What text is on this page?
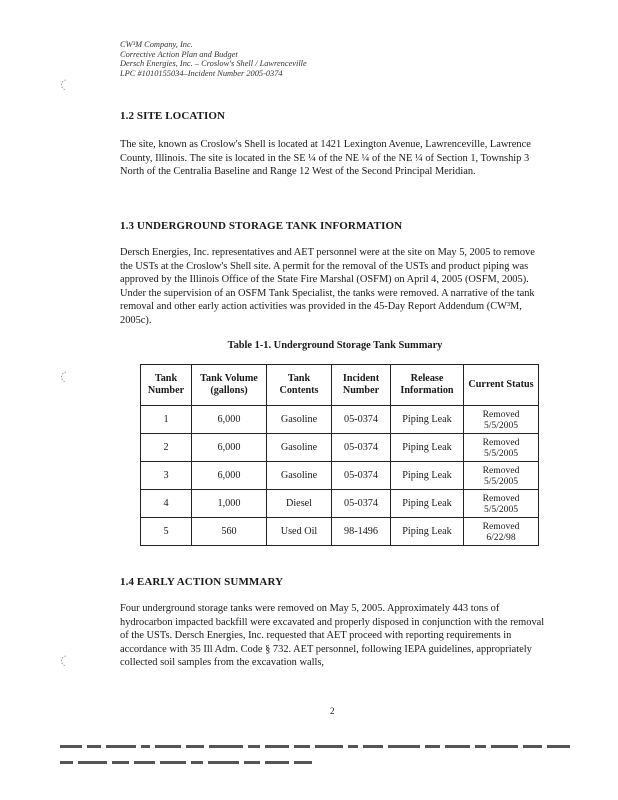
CW³M Company, Inc.
Corrective Action Plan and Budget
Dersch Energies, Inc. – Croslow's Shell / Lawrenceville
LPC #1010155034–Incident Number 2005-0374
1.2 SITE LOCATION

The site, known as Croslow's Shell is located at 1421 Lexington Avenue, Lawrenceville, Lawrence County, Illinois. The site is located in the SE ¼ of the NE ¼ of the NE ¼ of Section 1, Township 3 North of the Centralia Baseline and Range 12 West of the Second Principal Meridian.

1.3 UNDERGROUND STORAGE TANK INFORMATION

Dersch Energies, Inc. representatives and AET personnel were at the site on May 5, 2005 to remove the USTs at the Croslow's Shell site. A permit for the removal of the USTs and product piping was approved by the Illinois Office of the State Fire Marshal (OSFM) on April 4, 2005 (OSFM, 2005). Under the supervision of an OSFM Tank Specialist, the tanks were removed. A narrative of the tank removal and other early action activities was provided in the 45-Day Report Addendum (CW³M, 2005c).

Table 1-1. Underground Storage Tank Summary
Tank Number	Tank Volume (gallons)	Tank Contents	Incident Number	Release Information	Current Status
1	6,000	Gasoline	05-0374	Piping Leak	Removed 5/5/2005
2	6,000	Gasoline	05-0374	Piping Leak	Removed 5/5/2005
3	6,000	Gasoline	05-0374	Piping Leak	Removed 5/5/2005
4	1,000	Diesel	05-0374	Piping Leak	Removed 5/5/2005
5	560	Used Oil	98-1496	Piping Leak	Removed 6/22/98
1.4 EARLY ACTION SUMMARY

Four underground storage tanks were removed on May 5, 2005. Approximately 443 tons of hydrocarbon impacted backfill were excavated and properly disposed in conjunction with the removal of the USTs. Dersch Energies, Inc. requested that AET proceed with reporting requirements in accordance with 35 Ill Adm. Code § 732. AET personnel, following IEPA guidelines, appropriately collected soil samples from the excavation walls,

2
